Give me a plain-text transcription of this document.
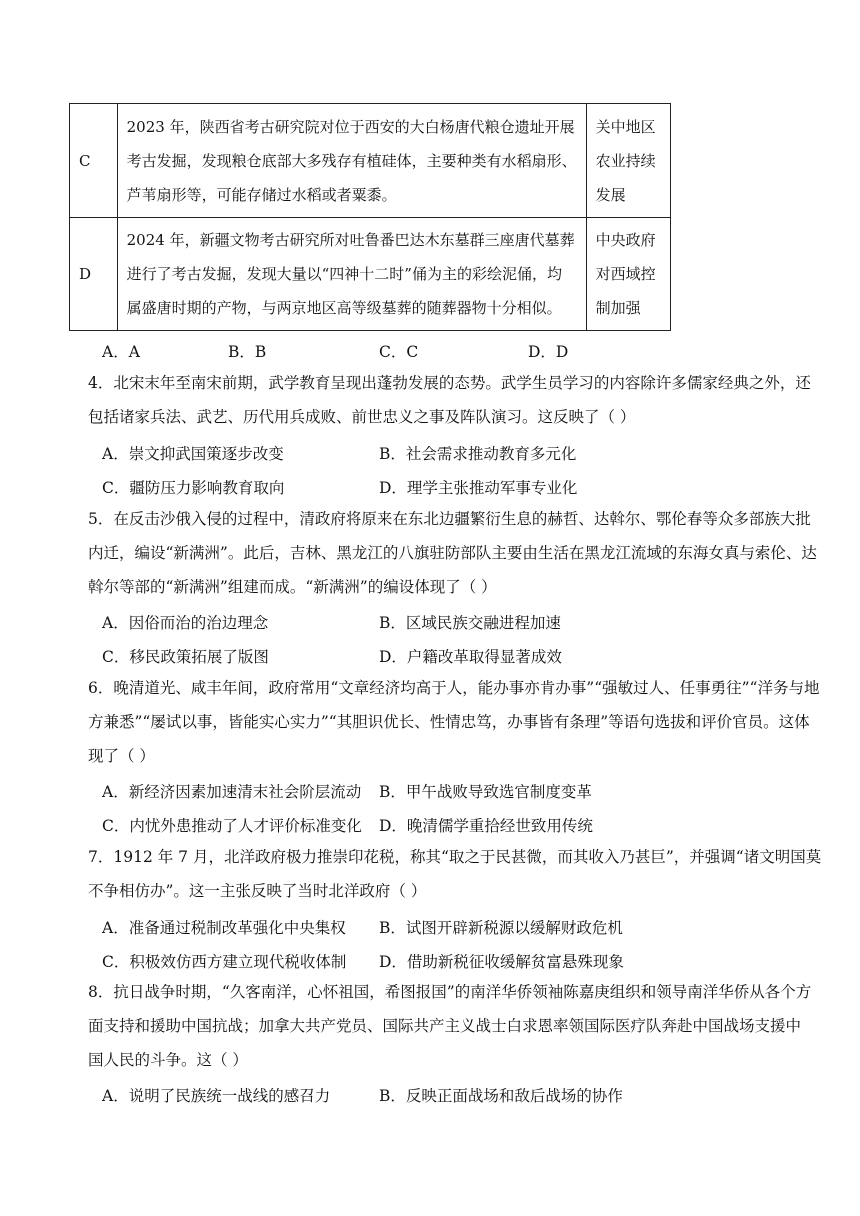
C	2023 年，陕西省考古研究院对位于西安的大白杨唐代粮仓遗址开展
考古发掘，发现粮仓底部大多残存有植硅体，主要种类有水稻扇形、
芦苇扇形等，可能存储过水稻或者粟黍。	关中地区
农业持续
发展

D	2024 年，新疆文物考古研究所对吐鲁番巴达木东墓群三座唐代墓葬
进行了考古发掘，发现大量以“四神十二时”俑为主的彩绘泥俑，均
属盛唐时期的产物，与两京地区高等级墓葬的随葬器物十分相似。	中央政府
对西域控
制加强
A．A	B．B	C．C	D．D
4．北宋末年至南宋前期，武学教育呈现出蓬勃发展的态势。武学生员学习的内容除许多儒家经典之外，还
包括诸家兵法、武艺、历代用兵成败、前世忠义之事及阵队演习。这反映了（ ）
A．崇文抑武国策逐步改变	B．社会需求推动教育多元化
C．疆防压力影响教育取向	D．理学主张推动军事专业化
5．在反击沙俄入侵的过程中，清政府将原来在东北边疆繁衍生息的赫哲、达斡尔、鄂伦春等众多部族大批
内迁，编设“新满洲”。此后，吉林、黑龙江的八旗驻防部队主要由生活在黑龙江流域的东海女真与索伦、达
斡尔等部的“新满洲”组建而成。“新满洲”的编设体现了（ ）
A．因俗而治的治边理念	B．区域民族交融进程加速
C．移民政策拓展了版图	D．户籍改革取得显著成效
6．晚清道光、咸丰年间，政府常用“文章经济均高于人，能办事亦肯办事”“强敏过人、任事勇往”“洋务与地
方兼悉”“屡试以事，皆能实心实力”“其胆识优长、性情忠笃，办事皆有条理”等语句选拔和评价官员。这体
现了（ ）
A．新经济因素加速清末社会阶层流动 B．甲午战败导致选官制度变革
C．内忧外患推动了人才评价标准变化 D．晚清儒学重拾经世致用传统
7．1912 年 7 月，北洋政府极力推崇印花税，称其“取之于民甚微，而其收入乃甚巨”，并强调“诸文明国莫
不争相仿办”。这一主张反映了当时北洋政府（ ）
A．准备通过税制改革强化中央集权 B．试图开辟新税源以缓解财政危机
C．积极效仿西方建立现代税收体制 D．借助新税征收缓解贫富悬殊现象
8．抗日战争时期，“久客南洋，心怀祖国，希图报国”的南洋华侨领袖陈嘉庚组织和领导南洋华侨从各个方
面支持和援助中国抗战；加拿大共产党员、国际共产主义战士白求恩率领国际医疗队奔赴中国战场支援中
国人民的斗争。这（ ）
A．说明了民族统一战线的感召力	B．反映正面战场和敌后战场的协作
